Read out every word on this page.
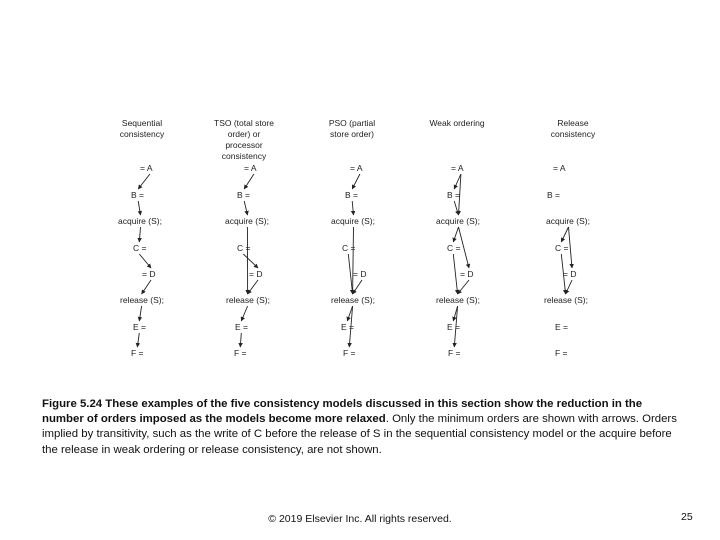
Sequential
consistency
TSO (total store
order) or
processor
consistency
PSO (partial
store order)
Weak ordering	Release
consistency
= A
B =
acquire (S);
C =
= D
release (S);
E =
F =
= A
B =
acquire (S);
C =
= D
release (S);
E =
F =
= A
B =
acquire (S);
C =
= D
release (S);
E =
F =
= A
B =
acquire (S);
C =
= D
release (S);
E =
F =
= A
B =
acquire (S);
C =
= D
release (S);
E =
F =

Figure 5.24 These examples of the five consistency models discussed in this section show the reduction in the number of orders imposed as the models become more relaxed. Only the minimum orders are shown with arrows. Orders implied by transitivity, such as the write of C before the release of S in the sequential consistency model or the acquire before the release in weak ordering or release consistency, are not shown.

© 2019 Elsevier Inc. All rights reserved.	25
